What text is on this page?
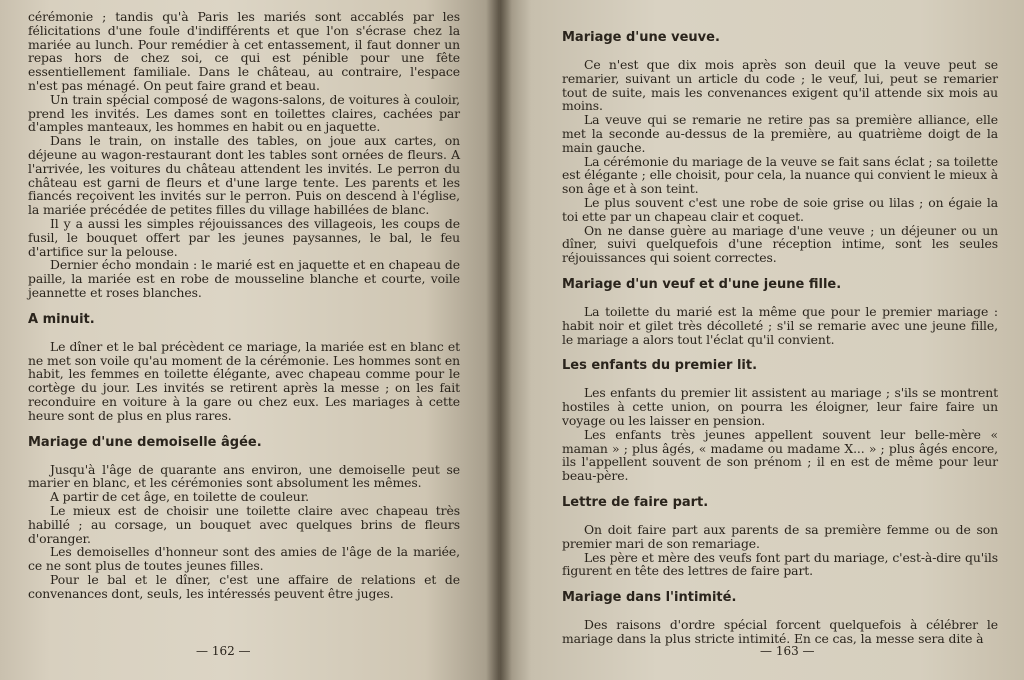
cérémonie ; tandis qu'à Paris les mariés sont accablés par les félicitations d'une foule d'indifférents et que l'on s'écrase chez la mariée au lunch. Pour remédier à cet entassement, il faut donner un repas hors de chez soi, ce qui est pénible pour une fête essentiellement familiale. Dans le château, au contraire, l'espace n'est pas ménagé. On peut faire grand et beau.

Un train spécial composé de wagons-salons, de voitures à couloir, prend les invités. Les dames sont en toilettes claires, cachées par d'amples manteaux, les hommes en habit ou en jaquette.

Dans le train, on installe des tables, on joue aux cartes, on déjeune au wagon-restaurant dont les tables sont ornées de fleurs. A l'arrivée, les voitures du château attendent les invités. Le perron du château est garni de fleurs et d'une large tente. Les parents et les fiancés reçoivent les invités sur le perron. Puis on descend à l'église, la mariée précédée de petites filles du village habillées de blanc.

Il y a aussi les simples réjouissances des villageois, les coups de fusil, le bouquet offert par les jeunes paysannes, le bal, le feu d'artifice sur la pelouse.

Dernier écho mondain : le marié est en jaquette et en chapeau de paille, la mariée est en robe de mousseline blanche et courte, voile jeannette et roses blanches.

A minuit.

Le dîner et le bal précèdent ce mariage, la mariée est en blanc et ne met son voile qu'au moment de la cérémonie. Les hommes sont en habit, les femmes en toilette élégante, avec chapeau comme pour le cortège du jour. Les invités se retirent après la messe ; on les fait reconduire en voiture à la gare ou chez eux. Les mariages à cette heure sont de plus en plus rares.

Mariage d'une demoiselle âgée.

Jusqu'à l'âge de quarante ans environ, une demoiselle peut se marier en blanc, et les cérémonies sont absolument les mêmes.

A partir de cet âge, en toilette de couleur.

Le mieux est de choisir une toilette claire avec chapeau très habillé ; au corsage, un bouquet avec quelques brins de fleurs d'oranger.

Les demoiselles d'honneur sont des amies de l'âge de la mariée, ce ne sont plus de toutes jeunes filles.

Pour le bal et le dîner, c'est une affaire de relations et de convenances dont, seuls, les intéressés peuvent être juges.

— 162 —
Mariage d'une veuve.

Ce n'est que dix mois après son deuil que la veuve peut se remarier, suivant un article du code ; le veuf, lui, peut se remarier tout de suite, mais les convenances exigent qu'il attende six mois au moins.

La veuve qui se remarie ne retire pas sa première alliance, elle met la seconde au-dessus de la première, au quatrième doigt de la main gauche.

La cérémonie du mariage de la veuve se fait sans éclat ; sa toilette est élégante ; elle choisit, pour cela, la nuance qui convient le mieux à son âge et à son teint.

Le plus souvent c'est une robe de soie grise ou lilas ; on égaie la toi ette par un chapeau clair et coquet.

On ne danse guère au mariage d'une veuve ; un déjeuner ou un dîner, suivi quelquefois d'une réception intime, sont les seules réjouissances qui soient correctes.

Mariage d'un veuf et d'une jeune fille.

La toilette du marié est la même que pour le premier mariage : habit noir et gilet très décolleté ; s'il se remarie avec une jeune fille, le mariage a alors tout l'éclat qu'il convient.

Les enfants du premier lit.

Les enfants du premier lit assistent au mariage ; s'ils se montrent hostiles à cette union, on pourra les éloigner, leur faire faire un voyage ou les laisser en pension.

Les enfants très jeunes appellent souvent leur belle-mère « maman » ; plus âgés, « madame ou madame X... » ; plus âgés encore, ils l'appellent souvent de son prénom ; il en est de même pour leur beau-père.

Lettre de faire part.

On doit faire part aux parents de sa première femme ou de son premier mari de son remariage.

Les père et mère des veufs font part du mariage, c'est-à-dire qu'ils figurent en tête des lettres de faire part.

Mariage dans l'intimité.

Des raisons d'ordre spécial forcent quelquefois à célébrer le mariage dans la plus stricte intimité. En ce cas, la messe sera dite à

— 163 —
